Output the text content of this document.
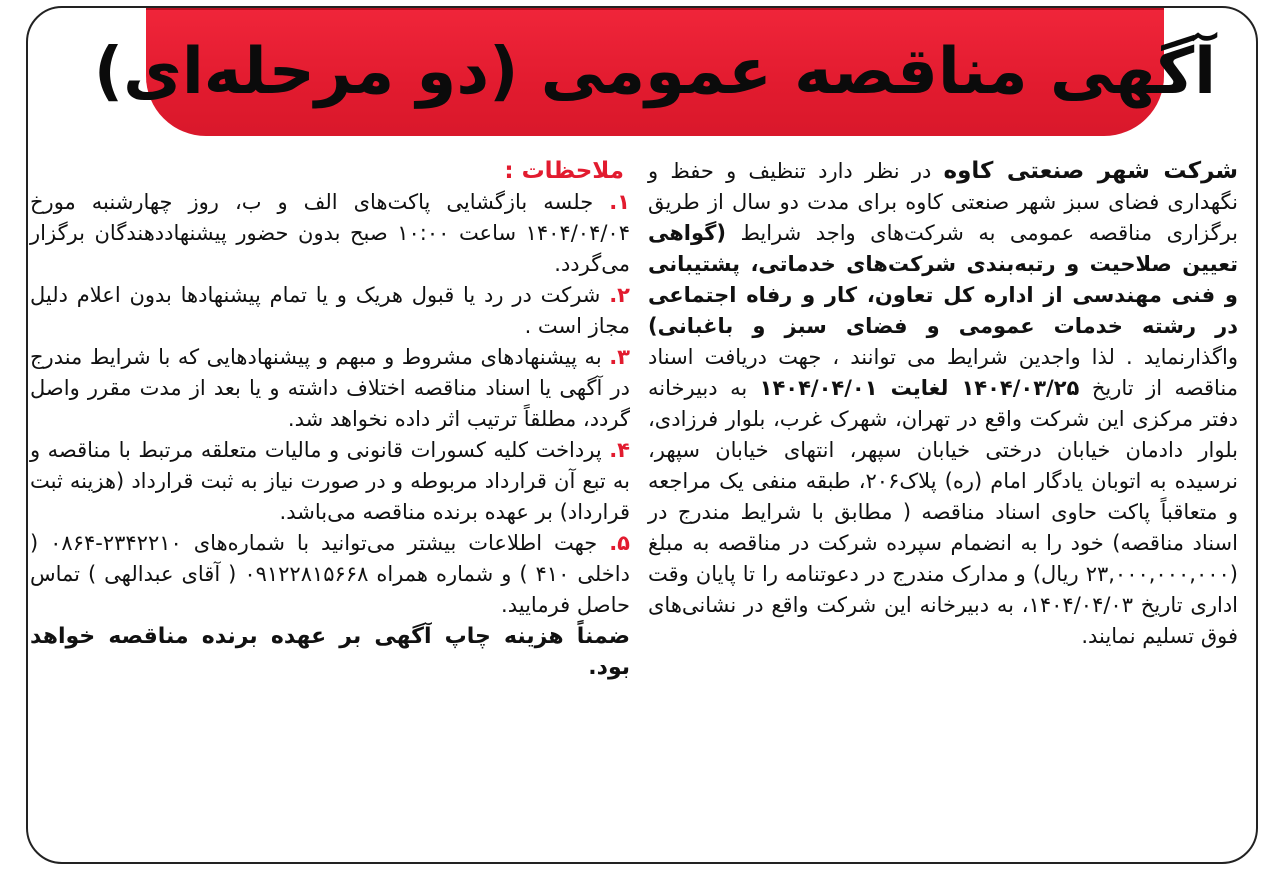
آگهی مناقصه عمومی (دو مرحله‌ای)
شرکت شهر صنعتی کاوه در نظر دارد تنظیف و حفظ و نگهداری فضای سبز شهر صنعتی کاوه برای مدت دو سال از طریق برگزاری مناقصه عمومی به شرکت‌های واجد شرایط (گواهی تعیین صلاحیت و رتبه‌بندی شرکت‌های خدماتی، پشتیبانی و فنی مهندسی از اداره کل تعاون، کار و رفاه اجتماعی در رشته خدمات عمومی و فضای سبز و باغبانی) واگذارنماید . لذا واجدین شرایط می توانند ، جهت دریافت اسناد مناقصه از تاریخ ۱۴۰۴/۰۳/۲۵ لغایت ۱۴۰۴/۰۴/۰۱ به دبیرخانه دفتر مرکزی این شرکت واقع در تهران، شهرک غرب، بلوار فرزادی، بلوار دادمان خیابان درختی خیابان سپهر، انتهای خیابان سپهر، نرسیده به اتوبان یادگار امام (ره) پلاک۲۰۶، طبقه منفی یک مراجعه و متعاقباً پاکت حاوی اسناد مناقصه ( مطابق با شرایط مندرج در اسناد مناقصه) خود را به انضمام سپرده شرکت در مناقصه به مبلغ (۲۳,۰۰۰,۰۰۰,۰۰۰ ریال) و مدارک مندرج در دعوتنامه را تا پایان وقت اداری تاریخ ۱۴۰۴/۰۴/۰۳، به دبیرخانه این شرکت واقع در نشانی‌های فوق تسلیم نمایند.
ملاحظات :

۱. جلسه بازگشایی پاکت‌های الف و ب، روز چهارشنبه مورخ ۱۴۰۴/۰۴/۰۴ ساعت ۱۰:۰۰ صبح بدون حضور پیشنهاددهندگان برگزار می‌گردد.

۲. شرکت در رد یا قبول هریک و یا تمام پیشنهادها بدون اعلام دلیل مجاز است .

۳. به پیشنهادهای مشروط و مبهم و پیشنهادهایی که با شرایط مندرج در آگهی یا اسناد مناقصه اختلاف داشته و یا بعد از مدت مقرر واصل گردد، مطلقاً ترتیب اثر داده نخواهد شد.

۴. پرداخت کلیه کسورات قانونی و مالیات متعلقه مرتبط با مناقصه و به تبع آن قرارداد مربوطه و در صورت نیاز به ثبت قرارداد (هزینه ثبت قرارداد) بر عهده برنده مناقصه می‌باشد.

۵. جهت اطلاعات بیشتر می‌توانید با شماره‌های ۲۳۴۲۲۱۰-۰۸۶۴ ( داخلی ۴۱۰ ) و شماره همراه ۰۹۱۲۲۸۱۵۶۶۸ ( آقای عبدالهی ) تماس حاصل فرمایید.

ضمناً هزینه چاپ آگهی بر عهده برنده مناقصه خواهد بود.
